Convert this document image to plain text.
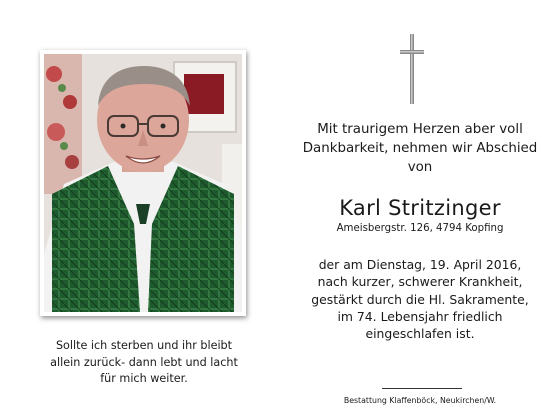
Sollte ich sterben und ihr bleibt
allein zurück- dann lebt und lacht
für mich weiter.
Mit traurigem Herzen aber voll
Dankbarkeit, nehmen wir Abschied
von
Karl Stritzinger
Ameisbergstr. 126, 4794 Kopfing
der am Dienstag, 19. April 2016,
nach kurzer, schwerer Krankheit,
gestärkt durch die Hl. Sakramente,
im 74. Lebensjahr friedlich
eingeschlafen ist.
Bestattung Klaffenböck, Neukirchen/W.
